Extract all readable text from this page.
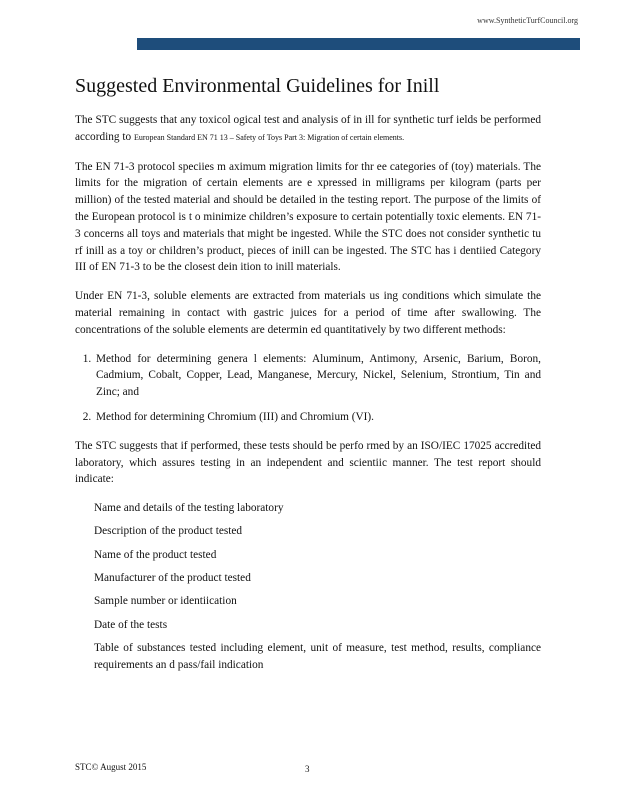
www.SyntheticTurfCouncil.org
Suggested Environmental Guidelines for Inill

The STC suggests that any toxicol ogical test and analysis of in ill for synthetic turf ields be performed according to European Standard EN 71 13 – Safety of Toys Part 3: Migration of certain elements.

The EN 71-3 protocol speciies m aximum migration limits for thr ee categories of (toy) materials. The limits for the migration of certain elements are e xpressed in milligrams per kilogram (parts per million) of the tested material and should be detailed in the testing report. The purpose of the limits of the European protocol is t o minimize children’s exposure to certain potentially toxic elements. EN 71-3 concerns all toys and materials that might be ingested. While the STC does not consider synthetic tu rf inill as a toy or children’s product, pieces of inill can be ingested. The STC has i dentiied Category III of EN 71-3 to be the closest dein ition to inill materials.

Under EN 71-3, soluble elements are extracted from materials us ing conditions which simulate the material remaining in contact with gastric juices for a period of time after swallowing. The concentrations of the soluble elements are determin ed quantitatively by two different methods:

1. Method for determining genera l elements: Aluminum, Antimony, Arsenic, Barium, Boron, Cadmium, Cobalt, Copper, Lead, Manganese, Mercury, Nickel, Selenium, Strontium, Tin and Zinc; and
2. Method for determining Chromium (III) and Chromium (VI).

The STC suggests that if performed, these tests should be perfo rmed by an ISO/IEC 17025 accredited laboratory, which assures testing in an independent and scientiic manner. The test report should indicate:

Name and details of the testing laboratory
Description of the product tested
Name of the product tested
Manufacturer of the product tested
Sample number or identiication
Date of the tests
Table of substances tested including element, unit of measure, test method, results, compliance requirements an d pass/fail indication
STC© August 2015	3
